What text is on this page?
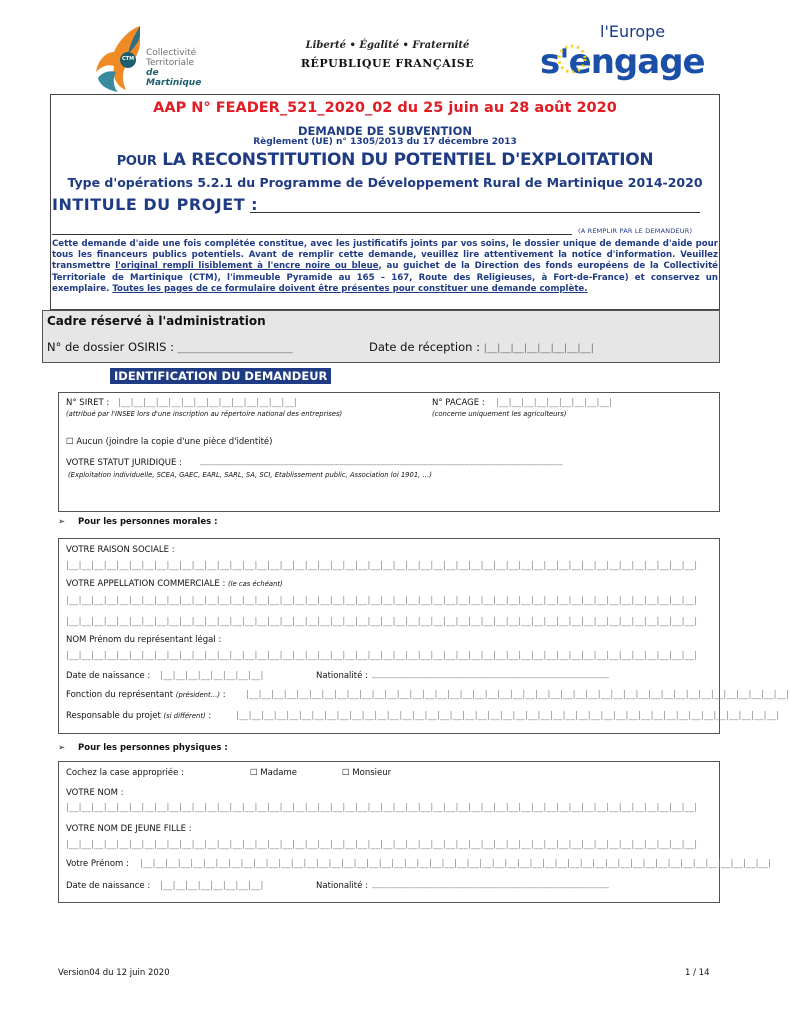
CTM
Collectivité
Territoriale
de Martinique
Liberté • Égalité • Fraternité
RÉPUBLIQUE FRANÇAISE
l'Europe
s'engage
AAP N° FEADER_521_2020_02 du 25 juin au 28 août 2020
DEMANDE DE SUBVENTION
Règlement (UE) n° 1305/2013 du 17 décembre 2013
POUR LA RECONSTITUTION DU POTENTIEL D'EXPLOITATION
Type d'opérations 5.2.1 du Programme de Développement Rural de Martinique 2014-2020
INTITULE DU PROJET :
(A REMPLIR PAR LE DEMANDEUR)
Cette demande d'aide une fois complétée constitue, avec les justificatifs joints par vos soins, le dossier unique de demande d'aide pour tous les financeurs publics potentiels. Avant de remplir cette demande, veuillez lire attentivement la notice d'information. Veuillez transmettre l'original rempli lisiblement à l'encre noire ou bleue, au guichet de la Direction des fonds européens de la Collectivité Territoriale de Martinique (CTM), l'immeuble Pyramide au 165 – 167, Route des Religieuses, à Fort-de-France) et conservez un exemplaire. Toutes les pages de ce formulaire doivent être présentes pour constituer une demande complète.
Cadre réservé à l'administration
N° de dossier OSIRIS : _______________________	Date de réception : |__|__|__|__|__|__|__|__|
IDENTIFICATION DU DEMANDEUR
N° SIRET : |__|__|__|__|__|__|__|__|__|__|__|__|__|__|
(attribué par l'INSEE lors d'une inscription au répertoire national des entreprises)
N° PACAGE : |__|__|__|__|__|__|__|__|__|
(concerne uniquement les agriculteurs)
☐ Aucun (joindre la copie d'une pièce d'identité)
VOTRE STATUT JURIDIQUE : ______________________________________________________________________________
(Exploitation individuelle, SCEA, GAEC, EARL, SARL, SA, SCI, Etablissement public, Association loi 1901, …)
➢ Pour les personnes morales :
VOTRE RAISON SOCIALE :
|__|__|__|__|__|__|__|__|__|__|__|__|__|__|__|__|__|__|__|__|__|__|__|__|__|__|__|__|__|__|__|__|__|__|__|__|__|__|__|__|__|__|__|__|__|__|__|__|__|__|
VOTRE APPELLATION COMMERCIALE : (le cas échéant)
|__|__|__|__|__|__|__|__|__|__|__|__|__|__|__|__|__|__|__|__|__|__|__|__|__|__|__|__|__|__|__|__|__|__|__|__|__|__|__|__|__|__|__|__|__|__|__|__|__|__|
|__|__|__|__|__|__|__|__|__|__|__|__|__|__|__|__|__|__|__|__|__|__|__|__|__|__|__|__|__|__|__|__|__|__|__|__|__|__|__|__|__|__|__|__|__|__|__|__|__|__|
NOM Prénom du représentant légal :
|__|__|__|__|__|__|__|__|__|__|__|__|__|__|__|__|__|__|__|__|__|__|__|__|__|__|__|__|__|__|__|__|__|__|__|__|__|__|__|__|__|__|__|__|__|__|__|__|__|__|
Date de naissance : |__|__|__|__|__|__|__|__|	Nationalité : ___________________________________________________
Fonction du représentant (président…) : |__|__|__|__|__|__|__|__|__|__|__|__|__|__|__|__|__|__|__|__|__|__|__|__|__|__|__|__|__|__|__|__|__|__|__|__|__|__|__|__|__|__|__|
Responsable du projet (si différent) :	|__|__|__|__|__|__|__|__|__|__|__|__|__|__|__|__|__|__|__|__|__|__|__|__|__|__|__|__|__|__|__|__|__|__|__|__|__|__|__|__|__|__|__|
➢ Pour les personnes physiques :
Cochez la case appropriée :	☐ Madame	☐ Monsieur
VOTRE NOM :
|__|__|__|__|__|__|__|__|__|__|__|__|__|__|__|__|__|__|__|__|__|__|__|__|__|__|__|__|__|__|__|__|__|__|__|__|__|__|__|__|__|__|__|__|__|__|__|__|__|__|
VOTRE NOM DE JEUNE FILLE :
|__|__|__|__|__|__|__|__|__|__|__|__|__|__|__|__|__|__|__|__|__|__|__|__|__|__|__|__|__|__|__|__|__|__|__|__|__|__|__|__|__|__|__|__|__|__|__|__|__|__|
Votre Prénom : |__|__|__|__|__|__|__|__|__|__|__|__|__|__|__|__|__|__|__|__|__|__|__|__|__|__|__|__|__|__|__|__|__|__|__|__|__|__|__|__|__|__|__|__|__|__|__|__|__|__|
Date de naissance : |__|__|__|__|__|__|__|__|	Nationalité : ___________________________________________________
Version04 du 12 juin 2020	1 / 14
